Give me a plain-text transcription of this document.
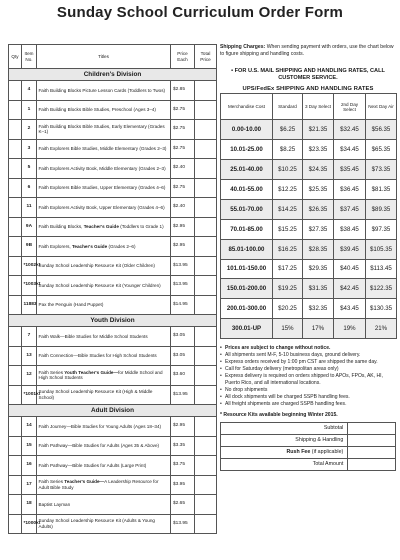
Sunday School Curriculum Order Form
Qty	Item No.	Titles	Price Each	Total Price
Children's Division				
	4	Faith Building Blocks Picture Lesson Cards (Toddlers to Twos)	$2.85	
	1	Faith Building Blocks Bible Studies, Preschool (Ages 3–4)	$2.75	
	2	Faith Building Blocks Bible Studies, Early Elementary (Grades K–1)	$2.75	
	3	Faith Explorers Bible Studies, Middle Elementary (Grades 2–3)	$2.75	
	5	Faith Explorers Activity Book, Middle Elementary (Grades 2–3)	$2.40	
	6	Faith Explorers Bible Studies, Upper Elementary (Grades 4–6)	$2.75	
	11	Faith Explorers Activity Book, Upper Elementary (Grades 4–6)	$2.40	
	9A	Faith Building Blocks, Teacher's Guide (Toddlers to Grade 1)	$2.95	
	9B	Faith Explorers, Teacher's Guide (Grades 2–6)	$2.95	
	*1002kt	Sunday School Leadership Resource Kit (Older Children)	$13.95	
	*1003kt	Sunday School Leadership Resource Kit (Younger Children)	$13.95	
	11883	Pax the Penguin (Hand Puppet)	$14.95	
Youth Division				
	7	Faith Walk—Bible Studies for Middle School Students	$3.05	
	13	Faith Connection—Bible Studies for High School Students	$3.05	
	12	Faith Series Youth Teacher's Guide—for Middle School and High School Students	$3.60	
	*1001kt	Sunday School Leadership Resource Kit (High & Middle School)	$13.95	
Adult Division				
	14	Faith Journey—Bible Studies for Young Adults (Ages 18–34)	$2.95	
	15	Faith Pathway—Bible Studies for Adults (Ages 35 & Above)	$3.35	
	16	Faith Pathway—Bible Studies for Adults (Large Print)	$3.75	
	17	Faith Series Teacher's Guide—A Leadership Resource for Adult Bible Study	$3.95	
	18	Baptist Layman	$2.65	
	*1000kt	Sunday School Leadership Resource Kit (Adults & Young Adults)	$13.95	
Shipping Charges: When sending payment with orders, use the chart below to figure shipping and handling costs.
• FOR U.S. MAIL SHIPPING AND HANDLING RATES, CALL CUSTOMER SERVICE.
UPS/FedEx SHIPPING AND HANDLING RATES
Merchandise Cost	Standard	3 Day Select	2nd Day Select	Next Day Air
0.00-10.00	$6.25	$21.35	$32.45	$56.35
10.01-25.00	$8.25	$23.35	$34.45	$65.35
25.01-40.00	$10.25	$24.35	$35.45	$73.35
40.01-55.00	$12.25	$25.35	$36.45	$81.35
55.01-70.00	$14.25	$26.35	$37.45	$89.35
70.01-85.00	$15.25	$27.35	$38.45	$97.35
85.01-100.00	$16.25	$28.35	$39.45	$105.35
101.01-150.00	$17.25	$29.35	$40.45	$113.45
150.01-200.00	$19.25	$31.35	$42.45	$122.35
200.01-300.00	$20.25	$32.35	$43.45	$130.35
300.01-UP	15%	17%	19%	21%
• Prices are subject to change without notice.
• All shipments sent M-F, 5-10 business days, ground delivery.
• Express orders received by 1:00 pm CST are shipped the same day.
• Call for Saturday delivery (metropolitan areas only)
• Express delivery is required on orders shipped to APOs, FPOs, AK, HI, Puerto Rico, and all international locations.
• No drop shipments
• All dock shipments will be charged SSPB handling fees.
• All freight shipments are charged SSPB handling fees.
* Resource Kits available beginning Winter 2015.
Subtotal	
Shipping & Handling	
Rush Fee (if applicable)	
Total Amount	
